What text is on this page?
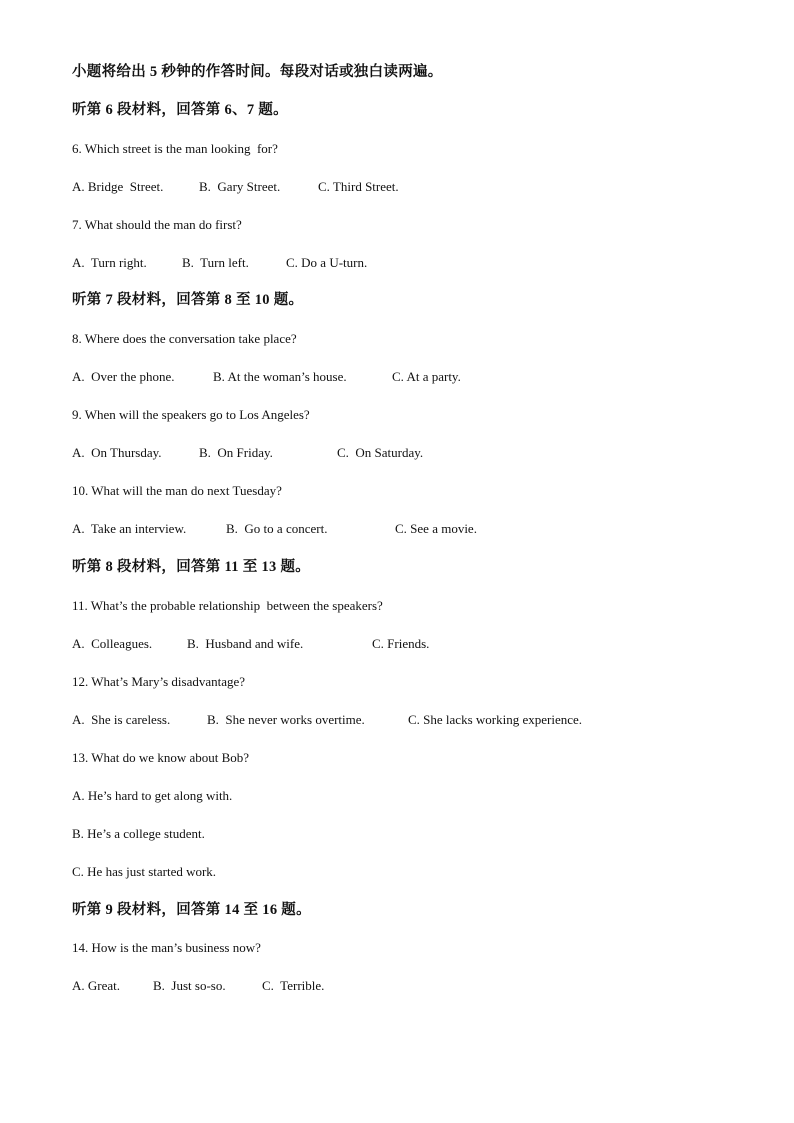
小题将给出 5 秒钟的作答时间。每段对话或独白读两遍。
听第 6 段材料，回答第 6、7 题。
6. Which street is the man looking  for?

A. Bridge  Street.

	B.  Gary Street.

	C. Third Street.

7. What should the man do first?

A.  Turn right.

	B.  Turn left.

	C. Do a U-turn.

听第 7 段材料，回答第 8 至 10 题。
8. Where does the conversation take place?

A.  Over the phone.

	B. At the woman’s house.

	C. At a party.

9. When will the speakers go to Los Angeles?

A.  On Thursday.

	B.  On Friday.

	C.  On Saturday.

10. What will the man do next Tuesday?

A.  Take an interview.

	B.  Go to a concert.

	C. See a movie.

听第 8 段材料，回答第 11 至 13 题。
11. What’s the probable relationship  between the speakers?

A.  Colleagues.

	B.  Husband and wife.

	C. Friends.

12. What’s Mary’s disadvantage?

A.  She is careless.

	B.  She never works overtime.

	C. She lacks working experience.

13. What do we know about Bob?
A. He’s hard to get along with.
B. He’s a college student.
C. He has just started work.
听第 9 段材料，回答第 14 至 16 题。
14. How is the man’s business now?

A. Great.

	B.  Just so-so.

	C.  Terrible.
